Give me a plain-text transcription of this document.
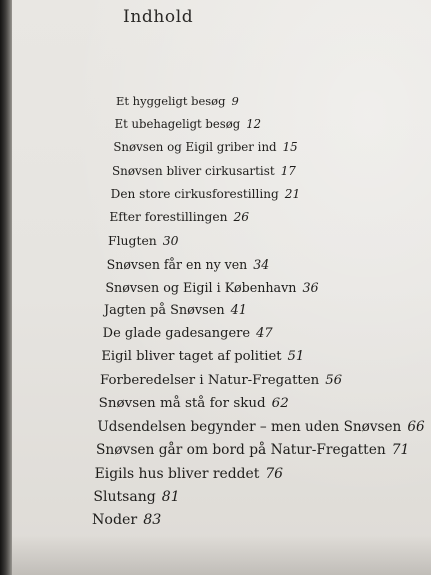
Indhold
Et hyggeligt besøg 9
Et ubehageligt besøg 12
Snøvsen og Eigil griber ind 15
Snøvsen bliver cirkusartist 17
Den store cirkusforestilling 21
Efter forestillingen 26
Flugten 30
Snøvsen får en ny ven 34
Snøvsen og Eigil i København 36
Jagten på Snøvsen 41
De glade gadesangere 47
Eigil bliver taget af politiet 51
Forberedelser i Natur-Fregatten 56
Snøvsen må stå for skud 62
Udsendelsen begynder – men uden Snøvsen 66
Snøvsen går om bord på Natur-Fregatten 71
Eigils hus bliver reddet 76
Slutsang 81
Noder 83
